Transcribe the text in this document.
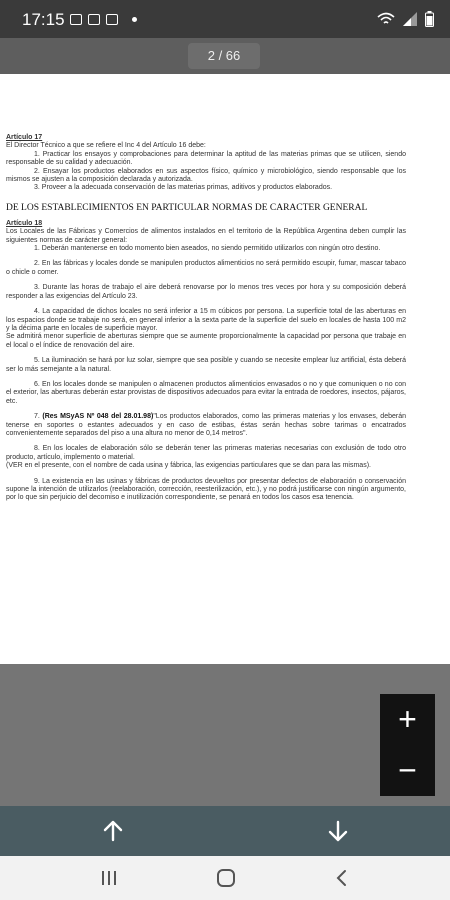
17:15
2 / 66

Artículo 17

El Director Técnico a que se refiere el Inc 4 del Artículo 16 debe:

1. Practicar los ensayos y comprobaciones para determinar la aptitud de las materias primas que se utilicen, siendo responsable de su calidad y adecuación.

2. Ensayar los productos elaborados en sus aspectos físico, químico y microbiológico, siendo responsable que los mismos se ajusten a la composición declarada y autorizada.

3. Proveer a la adecuada conservación de las materias primas, aditivos y productos elaborados.

DE LOS ESTABLECIMIENTOS EN PARTICULAR NORMAS DE CARACTER GENERAL

Artículo 18

Los Locales de las Fábricas y Comercios de alimentos instalados en el territorio de la República Argentina deben cumplir las siguientes normas de carácter general:

1. Deberán mantenerse en todo momento bien aseados, no siendo permitido utilizarlos con ningún otro destino.

2. En las fábricas y locales donde se manipulen productos alimenticios no será permitido escupir, fumar, mascar tabaco o chicle o comer.

3. Durante las horas de trabajo el aire deberá renovarse por lo menos tres veces por hora y su composición deberá responder a las exigencias del Artículo 23.

4. La capacidad de dichos locales no será inferior a 15 m cúbicos por persona. La superficie total de las aberturas en los espacios donde se trabaje no será, en general inferior a la sexta parte de la superficie del suelo en locales de hasta 100 m2 y la décima parte en locales de superficie mayor.

Se admitirá menor superficie de aberturas siempre que se aumente proporcionalmente la capacidad por persona que trabaje en el local o el índice de renovación del aire.

5. La iluminación se hará por luz solar, siempre que sea posible y cuando se necesite emplear luz artificial, ésta deberá ser lo más semejante a la natural.

6. En los locales donde se manipulen o almacenen productos alimenticios envasados o no y que comuniquen o no con el exterior, las aberturas deberán estar provistas de dispositivos adecuados para evitar la entrada de roedores, insectos, pájaros, etc.

7. (Res MSyAS Nº 048 del 28.01.98)"Los productos elaborados, como las primeras materias y los envases, deberán tenerse en soportes o estantes adecuados y en caso de estibas, éstas serán hechas sobre tarimas o encatrados convenientemente separados del piso a una altura no menor de 0,14 metros".

8. En los locales de elaboración sólo se deberán tener las primeras materias necesarias con exclusión de todo otro producto, artículo, implemento o material.

(VER en el presente, con el nombre de cada usina y fábrica, las exigencias particulares que se dan para las mismas).

9. La existencia en las usinas y fábricas de productos devueltos por presentar defectos de elaboración o conservación supone la intención de utilizarlos (reelaboración, corrección, reesterilización, etc.), y no podrá justificarse con ningún argumento, por lo que sin perjuicio del decomiso e inutilización correspondiente, se penará en todos los casos esa tenencia.

+
−
